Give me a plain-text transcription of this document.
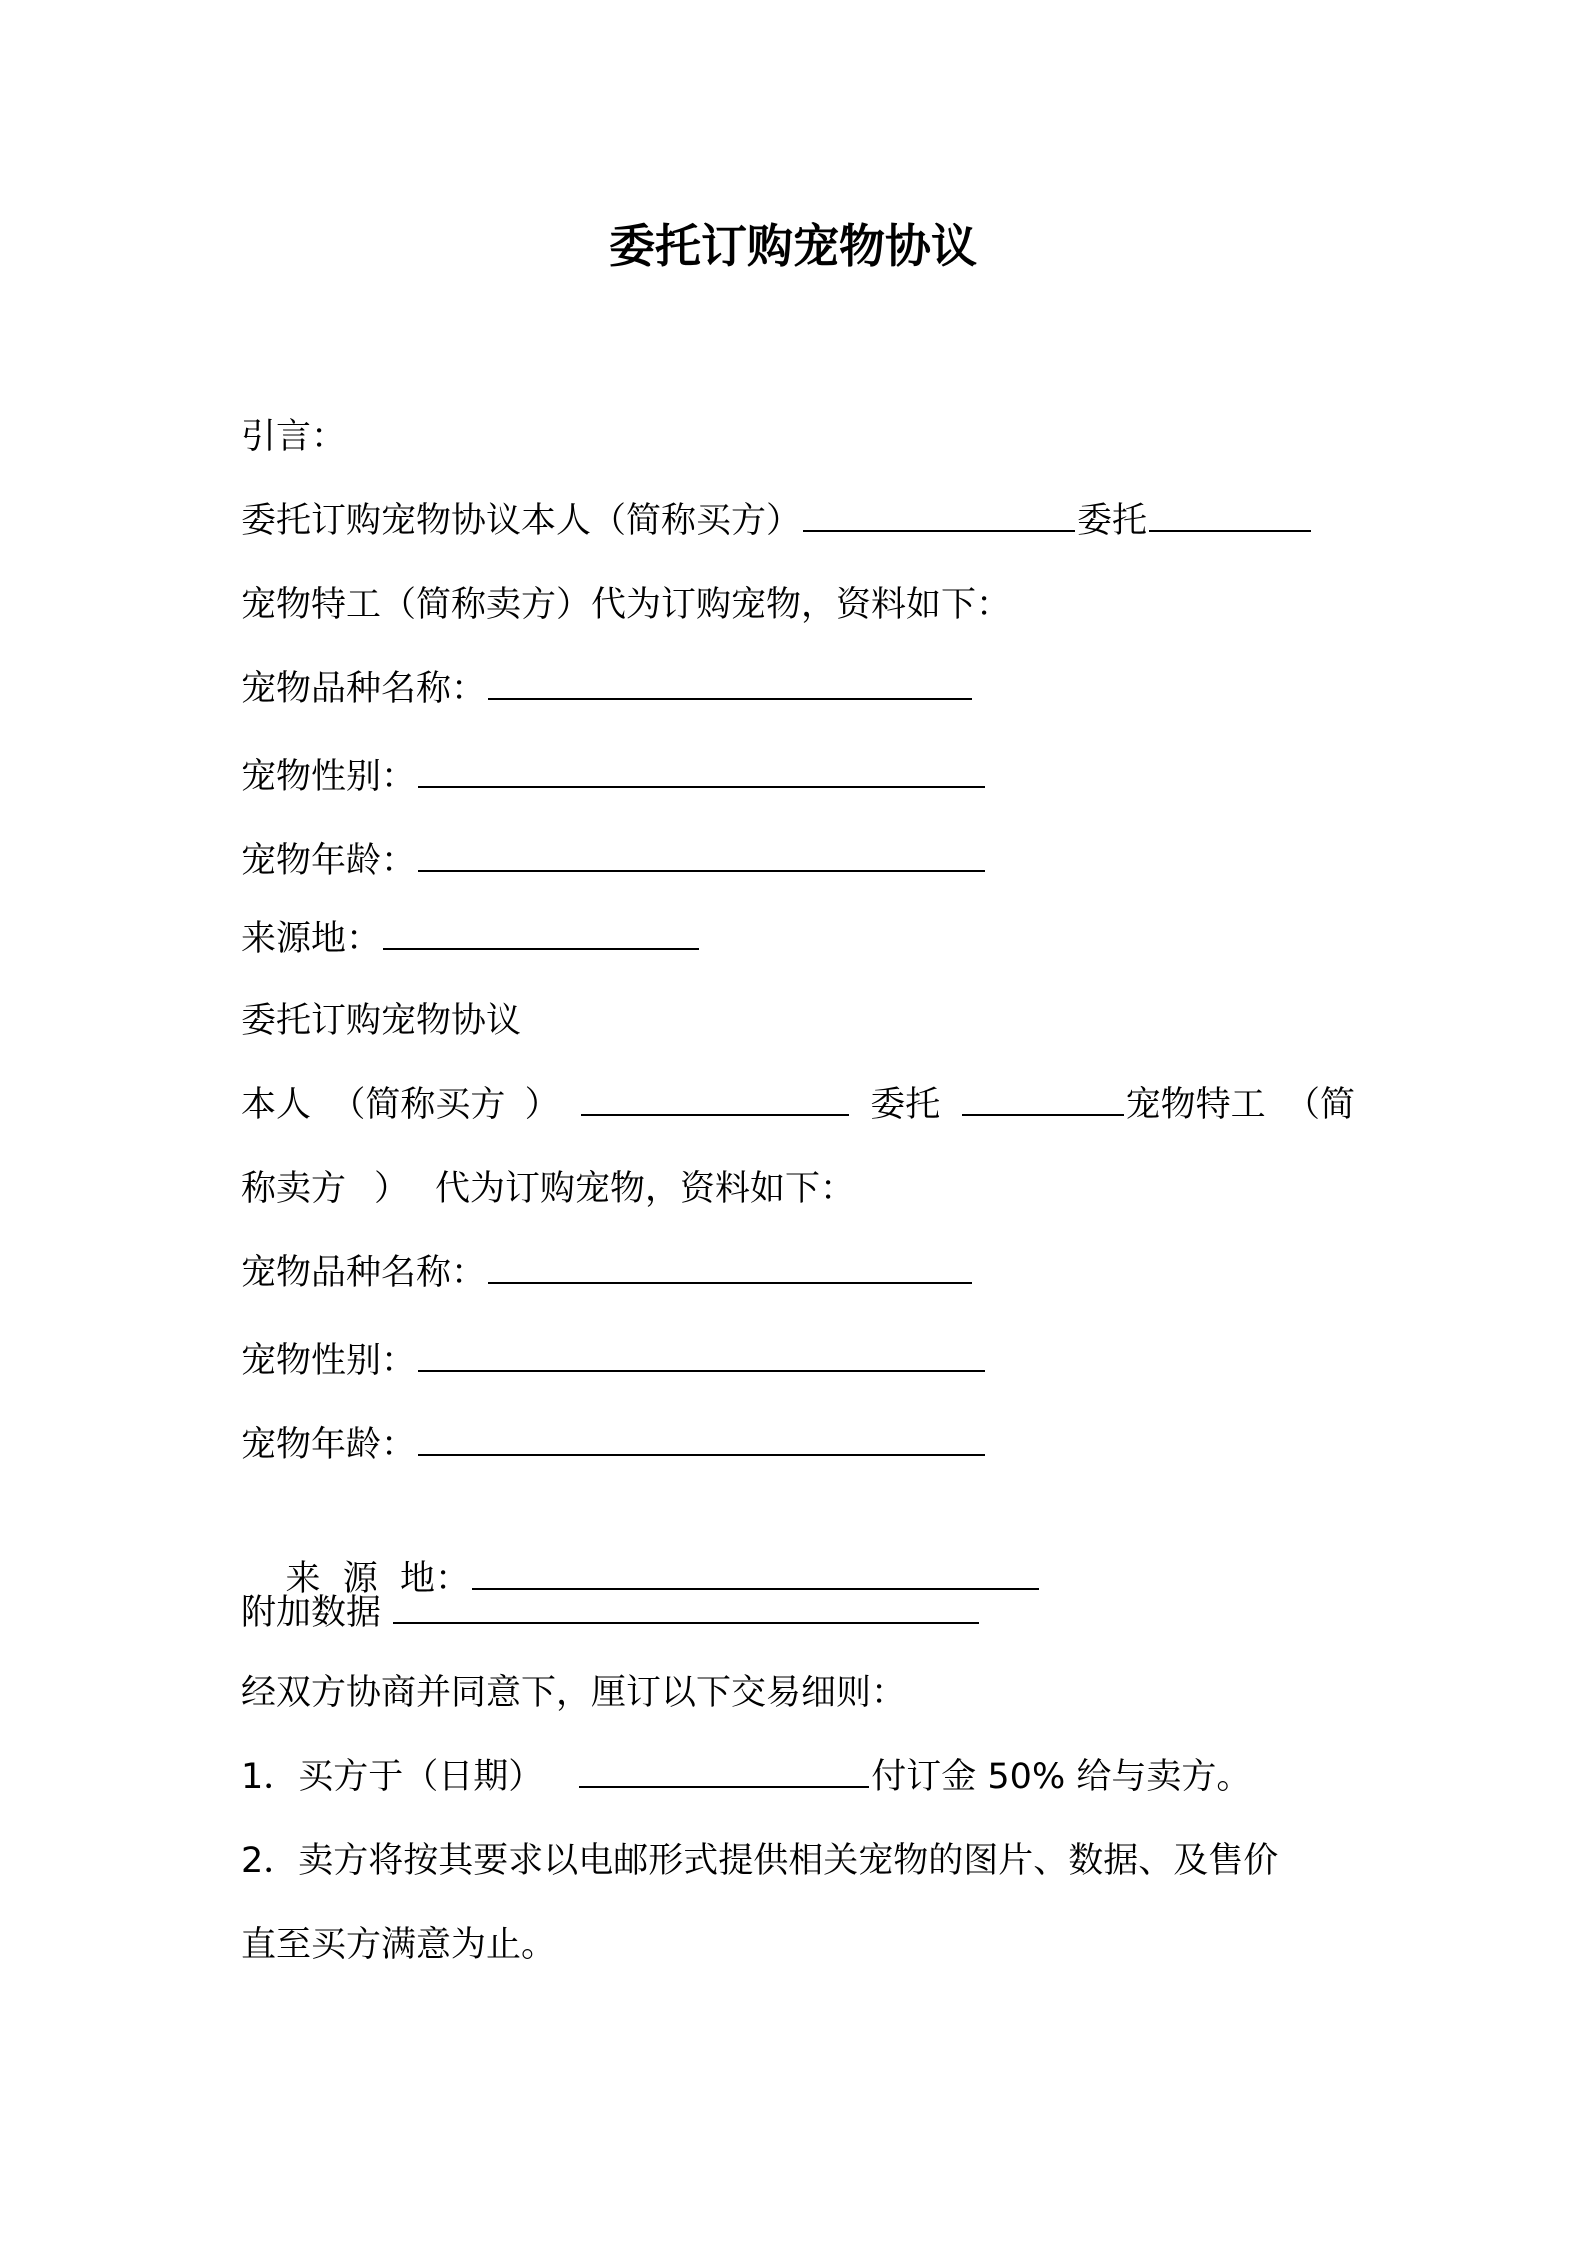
委托订购宠物协议
引言：
委托订购宠物协议本人（简称买方）	委托
宠物特工（简称卖方）代为订购宠物，资料如下：
宠物品种名称：
宠物性别：
宠物年龄：
来源地：
委托订购宠物协议
本人 （简称买方 ）	委托	宠物特工 （简
称卖方 ） 代为订购宠物，资料如下：
宠物品种名称：
宠物性别：
宠物年龄：

来  源  地：

附加数据
经双方协商并同意下，厘订以下交易细则：
1．买方于（日期）	付订金 50% 给与卖方。
2．卖方将按其要求以电邮形式提供相关宠物的图片、数据、及售价
直至买方满意为止。
